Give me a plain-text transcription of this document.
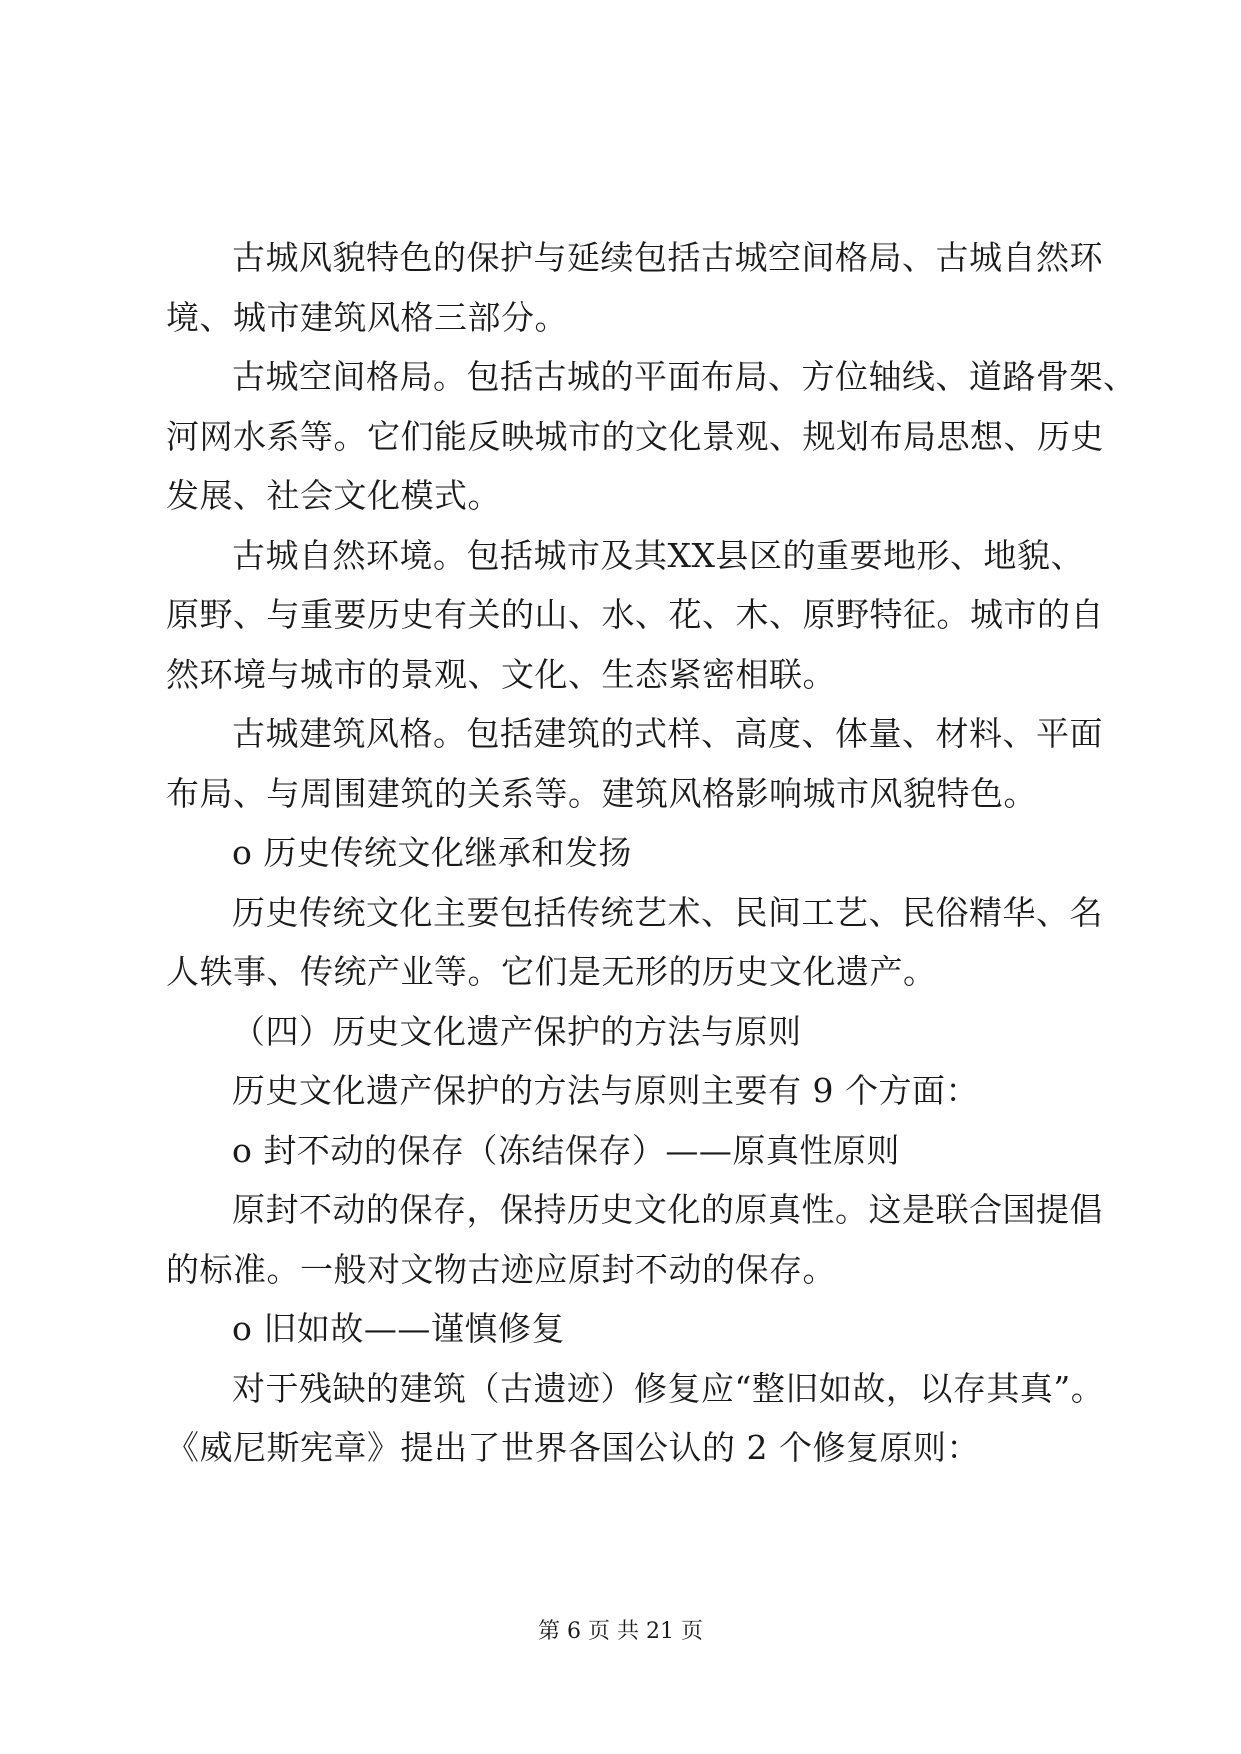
古城风貌特色的保护与延续包括古城空间格局、古城自然环
境、城市建筑风格三部分。
古城空间格局。包括古城的平面布局、方位轴线、道路骨架、
河网水系等。它们能反映城市的文化景观、规划布局思想、历史
发展、社会文化模式。
古城自然环境。包括城市及其XX县区的重要地形、地貌、
原野、与重要历史有关的山、水、花、木、原野特征。城市的自
然环境与城市的景观、文化、生态紧密相联。
古城建筑风格。包括建筑的式样、高度、体量、材料、平面
布局、与周围建筑的关系等。建筑风格影响城市风貌特色。
o 历史传统文化继承和发扬
历史传统文化主要包括传统艺术、民间工艺、民俗精华、名
人轶事、传统产业等。它们是无形的历史文化遗产。
（四）历史文化遗产保护的方法与原则
历史文化遗产保护的方法与原则主要有 9 个方面：
o 封不动的保存（冻结保存）——原真性原则
原封不动的保存，保持历史文化的原真性。这是联合国提倡
的标准。一般对文物古迹应原封不动的保存。
o 旧如故——谨慎修复
对于残缺的建筑（古遗迹）修复应“整旧如故，以存其真”。
《威尼斯宪章》提出了世界各国公认的 2 个修复原则：
第 6 页 共 21 页
